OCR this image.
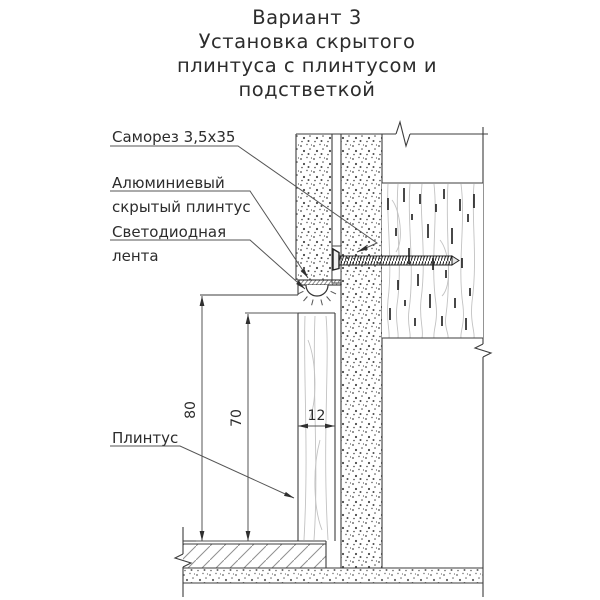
Вариант 3
Установка скрытого
плинтуса с плинтусом и
подстветкой
80 70	12
Саморез 3,5х35
Алюминиевый
скрытый плинтус
Светодиодная
лента
Плинтус
